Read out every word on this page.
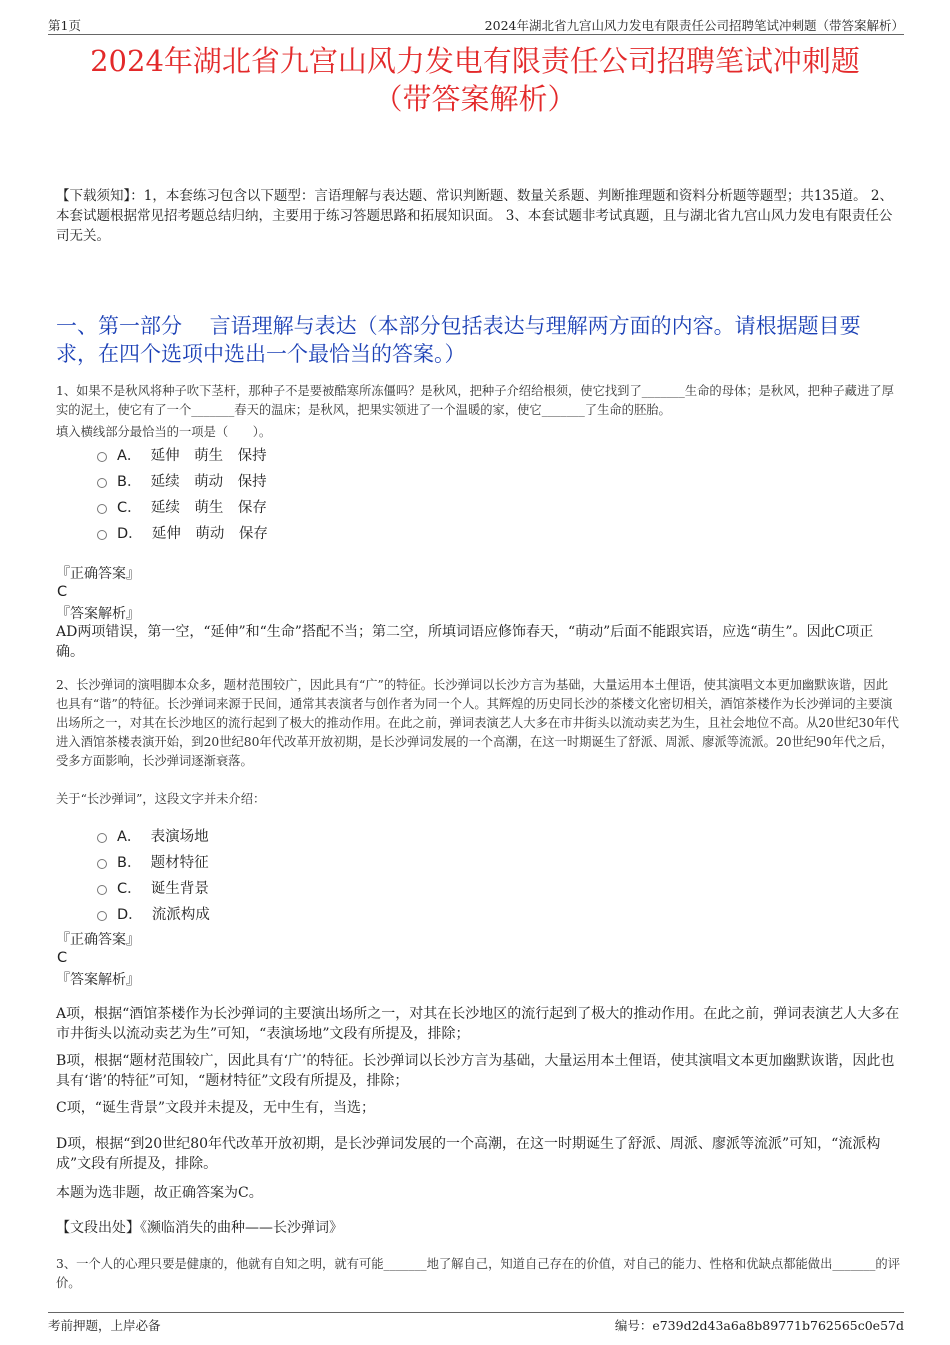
第1页	2024年湖北省九宫山风力发电有限责任公司招聘笔试冲刺题（带答案解析）
2024年湖北省九宫山风力发电有限责任公司招聘笔试冲刺题
（带答案解析）
【下载须知】：1，本套练习包含以下题型：言语理解与表达题、常识判断题、数量关系题、判断推理题和资料分析题等题型；共135道。 2、本套试题根据常见招考题总结归纳，主要用于练习答题思路和拓展知识面。 3、本套试题非考试真题，且与湖北省九宫山风力发电有限责任公司无关。
一、第一部分　 言语理解与表达（本部分包括表达与理解两方面的内容。请根据题目要求，在四个选项中选出一个最恰当的答案。）
1、如果不是秋风将种子吹下茎杆，那种子不是要被酷寒所冻僵吗？是秋风，把种子介绍给根须，使它找到了_______生命的母体；是秋风，把种子藏进了厚实的泥土，使它有了一个_______春天的温床；是秋风，把果实领进了一个温暖的家，使它_______了生命的胚胎。
填入横线部分最恰当的一项是（　　）。
A．  延伸　萌生　保持
B．  延续　萌动　保持
C．  延续　萌生　保存
D．  延伸　萌动　保存
『正确答案』
C
『答案解析』
AD两项错误，第一空，“延伸”和“生命”搭配不当；第二空，所填词语应修饰春天，“萌动”后面不能跟宾语，应选“萌生”。因此C项正确。
2、长沙弹词的演唱脚本众多，题材范围较广，因此具有“广”的特征。长沙弹词以长沙方言为基础，大量运用本土俚语，使其演唱文本更加幽默诙谐，因此也具有“谐”的特征。长沙弹词来源于民间，通常其表演者与创作者为同一个人。其辉煌的历史同长沙的茶楼文化密切相关，酒馆茶楼作为长沙弹词的主要演出场所之一，对其在长沙地区的流行起到了极大的推动作用。在此之前，弹词表演艺人大多在市井街头以流动卖艺为生，且社会地位不高。从20世纪30年代进入酒馆茶楼表演开始，到20世纪80年代改革开放初期，是长沙弹词发展的一个高潮，在这一时期诞生了舒派、周派、廖派等流派。20世纪90年代之后，受多方面影响，长沙弹词逐渐衰落。
关于“长沙弹词”，这段文字并未介绍：
A．  表演场地
B．  题材特征
C．  诞生背景
D．  流派构成
『正确答案』
C
『答案解析』
A项，根据“酒馆茶楼作为长沙弹词的主要演出场所之一，对其在长沙地区的流行起到了极大的推动作用。在此之前，弹词表演艺人大多在市井街头以流动卖艺为生”可知，“表演场地”文段有所提及，排除；
B项，根据“题材范围较广，因此具有‘广’的特征。长沙弹词以长沙方言为基础，大量运用本土俚语，使其演唱文本更加幽默诙谐，因此也具有‘谐’的特征”可知，“题材特征”文段有所提及，排除；
C项，“诞生背景”文段并未提及，无中生有，当选；
D项，根据“到20世纪80年代改革开放初期，是长沙弹词发展的一个高潮，在这一时期诞生了舒派、周派、廖派等流派”可知，“流派构成”文段有所提及，排除。
本题为选非题，故正确答案为C。
【文段出处】《濒临消失的曲种——长沙弹词》
3、一个人的心理只要是健康的，他就有自知之明，就有可能_______地了解自己，知道自己存在的价值，对自己的能力、性格和优缺点都能做出_______的评价。
考前押题，上岸必备	编号：e739d2d43a6a8b89771b762565c0e57d
